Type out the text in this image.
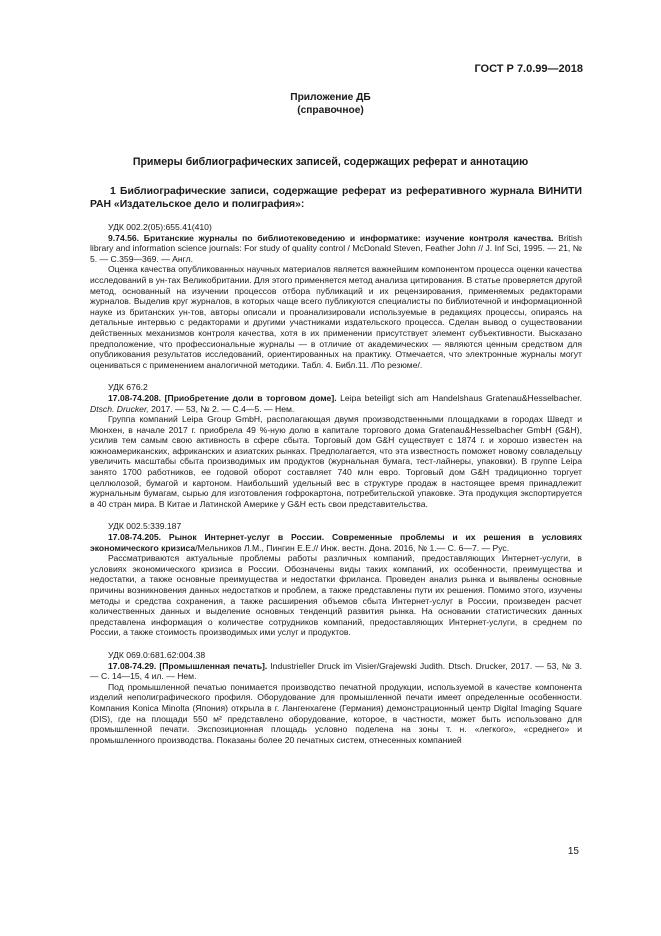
ГОСТ Р 7.0.99—2018
Приложение ДБ
(справочное)
Примеры библиографических записей, содержащих реферат и аннотацию
1 Библиографические записи, содержащие реферат из реферативного журнала ВИНИТИ РАН «Издательское дело и полиграфия»:
УДК 002.2(05):655.41(410)

9.74.56. Британские журналы по библиотековедению и информатике: изучение контроля качества. British library and information science journals: For study of quality control / McDonald Steven, Feather John // J. Inf Sci, 1995. — 21, № 5. — С.359—369. — Англ.

Оценка качества опубликованных научных материалов является важнейшим компонентом процесса оценки качества исследований в ун-тах Великобритании. Для этого применяется метод анализа цитирования. В статье проверяется другой метод, основанный на изучении процессов отбора публикаций и их рецензирования, применяемых редакторами журналов. Выделив круг журналов, в которых чаще всего публикуются специалисты по библиотечной и информационной науке из британских ун-тов, авторы описали и проанализировали используемые в редакциях процессы, опираясь на детальные интервью с редакторами и другими участниками издательского процесса. Сделан вывод о существовании действенных механизмов контроля качества, хотя в их применении присутствует элемент субъективности. Высказано предположение, что профессиональные журналы — в отличие от академических — являются ценным средством для опубликования результатов исследований, ориентированных на практику. Отмечается, что электронные журналы могут оцениваться с применением аналогичной методики. Табл. 4. Библ.11. /По резюме/.

УДК 676.2

17.08-74.208. [Приобретение доли в торговом доме]. Leipa beteiligt sich am Handelshaus Gratenau&Hesselbacher. Dtsch. Drucker, 2017. — 53, № 2. — С.4—5. — Нем.

Группа компаний Leipa Group GmbH, располагающая двумя производственными площадками в городах Шведт и Мюнхен, в начале 2017 г. приобрела 49 %-ную долю в капитале торгового дома Gratenau&Hesselbacher GmbH (G&H), усилив тем самым свою активность в сфере сбыта. Торговый дом G&H существует с 1874 г. и хорошо известен на южноамериканских, африканских и азиатских рынках. Предполагается, что эта известность поможет новому совладельцу увеличить масштабы сбыта производимых им продуктов (журнальная бумага, тест-лайнеры, упаковки). В группе Leipa занято 1700 работников, ее годовой оборот составляет 740 млн евро. Торговый дом G&H традиционно торгует целлюлозой, бумагой и картоном. Наибольший удельный вес в структуре продаж в настоящее время принадлежит журнальным бумагам, сырью для изготовления гофрокартона, потребительской упаковке. Эта продукция экспортируется в 40 стран мира. В Китае и Латинской Америке у G&H есть свои представительства.

УДК 002.5:339.187

17.08-74.205. Рынок Интернет-услуг в России. Современные проблемы и их решения в условиях экономического кризиса/Мельников Л.М., Пингин Е.Е.// Инж. вестн. Дона. 2016, № 1.— С. 6—7. — Рус.

Рассматриваются актуальные проблемы работы различных компаний, предоставляющих Интернет-услуги, в условиях экономического кризиса в России. Обозначены виды таких компаний, их особенности, преимущества и недостатки, а также основные преимущества и недостатки фриланса. Проведен анализ рынка и выявлены основные причины возникновения данных недостатков и проблем, а также представлены пути их решения. Помимо этого, изучены методы и средства сохранения, а также расширения объемов сбыта Интернет-услуг в России, произведен расчет количественных данных и выделение основных тенденций развития рынка. На основании статистических данных представлена информация о количестве сотрудников компаний, предоставляющих Интернет-услуги, в среднем по России, а также стоимость производимых ими услуг и продуктов.

УДК 069.0:681.62:004.38

17.08-74.29. [Промышленная печать]. Industrieller Druck im Visier/Grajewski Judith. Dtsch. Drucker, 2017. — 53, № 3. — С. 14—15, 4 ил. — Нем.

Под промышленной печатью понимается производство печатной продукции, используемой в качестве компонента изделий неполиграфического профиля. Оборудование для промышленной печати имеет определенные особенности. Компания Konica Minolta (Япония) открыла в г. Лангенхагене (Германия) демонстрационный центр Digital Imaging Square (DIS), где на площади 550 м² представлено оборудование, которое, в частности, может быть использовано для промышленной печати. Экспозиционная площадь условно поделена на зоны т. н. «легкого», «среднего» и промышленного производства. Показаны более 20 печатных систем, отнесенных компанией

15
